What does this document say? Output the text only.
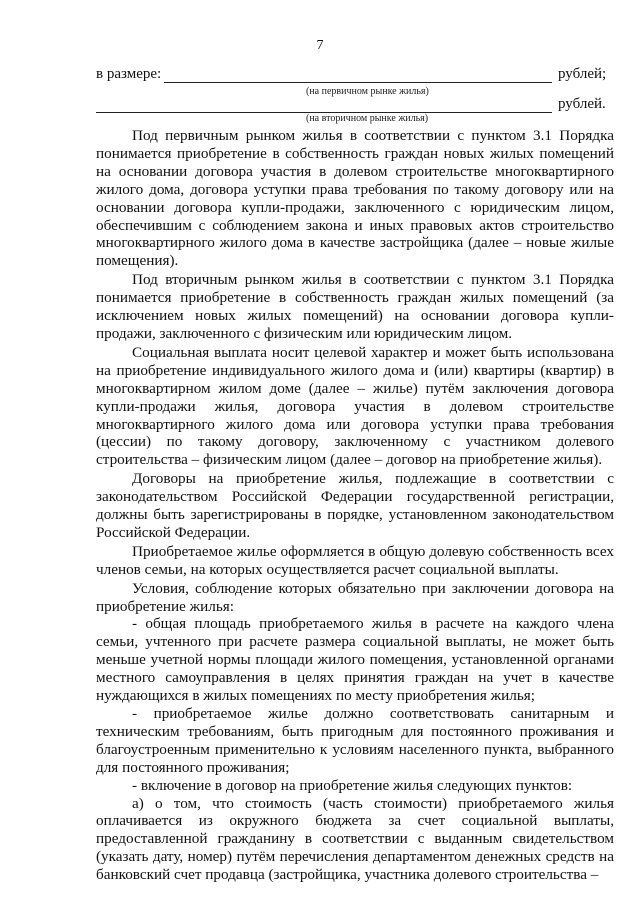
7
в размере:	рублей;
(на первичном рынке жилья)
рублей.
(на вторичном рынке жилья)

Под первичным рынком жилья в соответствии с пунктом 3.1 Порядка понимается приобретение в собственность граждан новых жилых помещений на основании договора участия в долевом строительстве многоквартирного жилого дома, договора уступки права требования по такому договору или на основании договора купли-продажи, заключенного с юридическим лицом, обеспечившим с соблюдением закона и иных правовых актов строительство многоквартирного жилого дома в качестве застройщика (далее – новые жилые помещения).

Под вторичным рынком жилья в соответствии с пунктом 3.1 Порядка понимается приобретение в собственность граждан жилых помещений (за исключением новых жилых помещений) на основании договора купли-продажи, заключенного с физическим или юридическим лицом.

Социальная выплата носит целевой характер и может быть использована на приобретение индивидуального жилого дома и (или) квартиры (квартир) в многоквартирном жилом доме (далее – жилье) путём заключения договора купли-продажи жилья, договора участия в долевом строительстве многоквартирного жилого дома или договора уступки права требования (цессии) по такому договору, заключенному с участником долевого строительства – физическим лицом (далее – договор на приобретение жилья).

Договоры на приобретение жилья, подлежащие в соответствии с законодательством Российской Федерации государственной регистрации, должны быть зарегистрированы в порядке, установленном законодательством Российской Федерации.

Приобретаемое жилье оформляется в общую долевую собственность всех членов семьи, на которых осуществляется расчет социальной выплаты.

Условия, соблюдение которых обязательно при заключении договора на приобретение жилья:

- общая площадь приобретаемого жилья в расчете на каждого члена семьи, учтенного при расчете размера социальной выплаты, не может быть меньше учетной нормы площади жилого помещения, установленной органами местного самоуправления в целях принятия граждан на учет в качестве нуждающихся в жилых помещениях по месту приобретения жилья;

- приобретаемое жилье должно соответствовать санитарным и техническим требованиям, быть пригодным для постоянного проживания и благоустроенным применительно к условиям населенного пункта, выбранного для постоянного проживания;

- включение в договор на приобретение жилья следующих пунктов:

а) о том, что стоимость (часть стоимости) приобретаемого жилья оплачивается из окружного бюджета за счет социальной выплаты, предоставленной гражданину в соответствии с выданным свидетельством (указать дату, номер) путём перечисления департаментом денежных средств на банковский счет продавца (застройщика, участника долевого строительства –
